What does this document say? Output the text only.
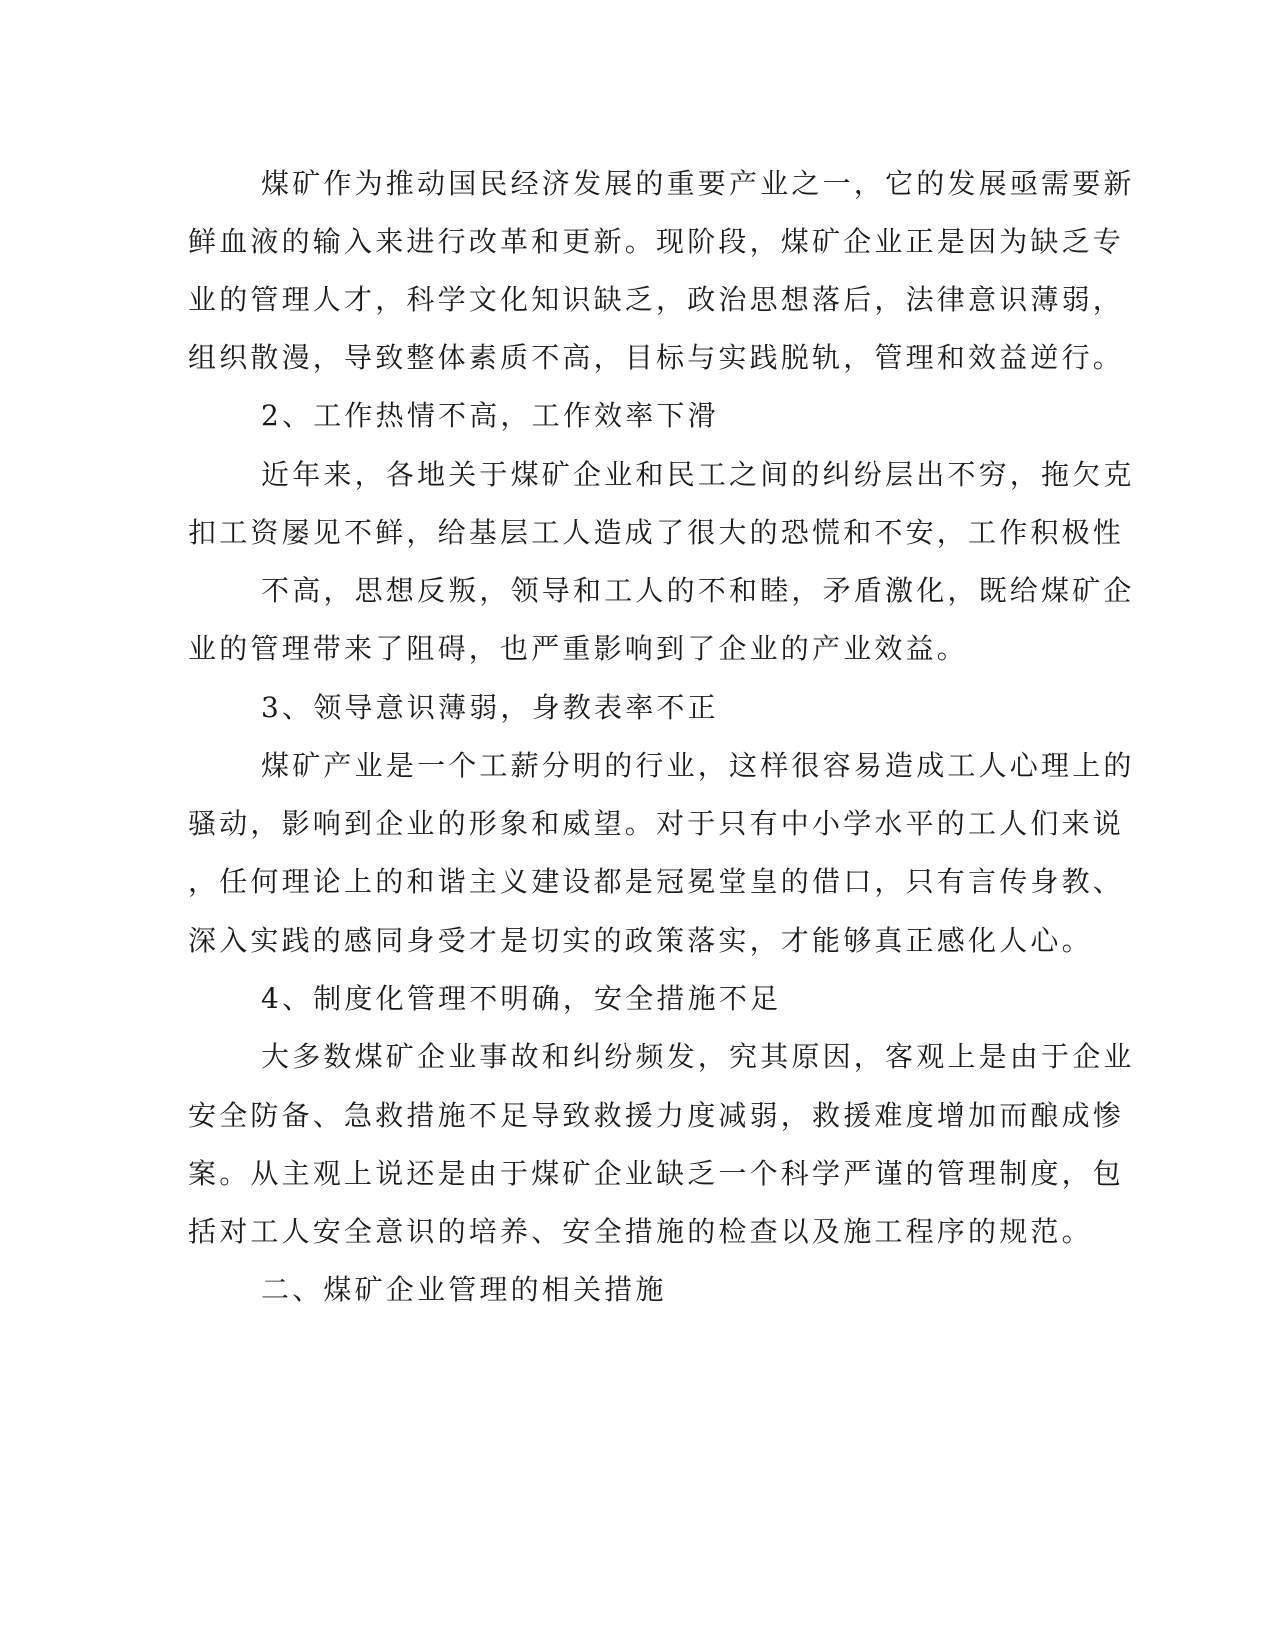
煤矿作为推动国民经济发展的重要产业之一，它的发展亟需要新
鲜血液的输入来进行改革和更新。现阶段，煤矿企业正是因为缺乏专
业的管理人才，科学文化知识缺乏，政治思想落后，法律意识薄弱，
组织散漫，导致整体素质不高，目标与实践脱轨，管理和效益逆行。
2、工作热情不高，工作效率下滑
近年来，各地关于煤矿企业和民工之间的纠纷层出不穷，拖欠克
扣工资屡见不鲜，给基层工人造成了很大的恐慌和不安，工作积极性
不高，思想反叛，领导和工人的不和睦，矛盾激化，既给煤矿企
业的管理带来了阻碍，也严重影响到了企业的产业效益。
3、领导意识薄弱，身教表率不正
煤矿产业是一个工薪分明的行业，这样很容易造成工人心理上的
骚动，影响到企业的形象和威望。对于只有中小学水平的工人们来说
，任何理论上的和谐主义建设都是冠冕堂皇的借口，只有言传身教、
深入实践的感同身受才是切实的政策落实，才能够真正感化人心。
4、制度化管理不明确，安全措施不足
大多数煤矿企业事故和纠纷频发，究其原因，客观上是由于企业
安全防备、急救措施不足导致救援力度减弱，救援难度增加而酿成惨
案。从主观上说还是由于煤矿企业缺乏一个科学严谨的管理制度，包
括对工人安全意识的培养、安全措施的检查以及施工程序的规范。
二、煤矿企业管理的相关措施
